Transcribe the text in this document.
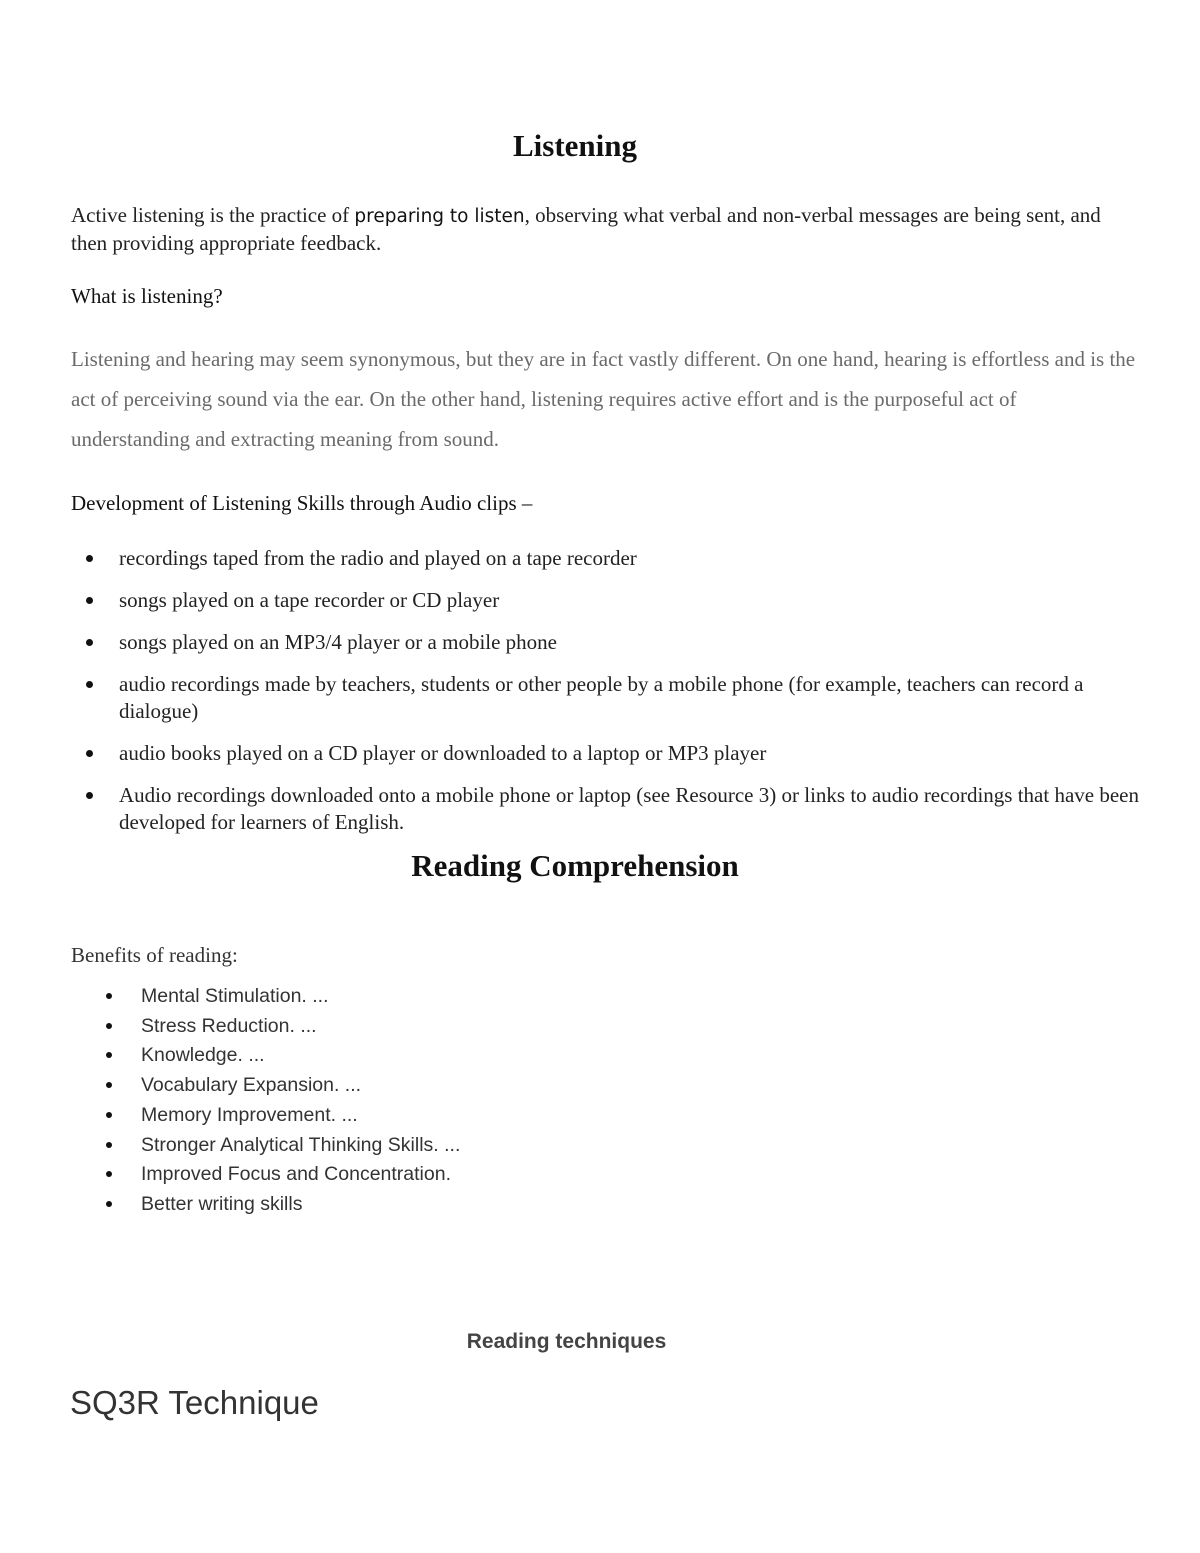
Listening
Active listening is the practice of preparing to listen, observing what verbal and non-verbal messages are being sent, and then providing appropriate feedback.
What is listening?
Listening and hearing may seem synonymous, but they are in fact vastly different. On one hand, hearing is effortless and is the act of perceiving sound via the ear. On the other hand, listening requires active effort and is the purposeful act of understanding and extracting meaning from sound.
Development of Listening Skills through Audio clips –
recordings taped from the radio and played on a tape recorder
songs played on a tape recorder or CD player
songs played on an MP3/4 player or a mobile phone
audio recordings made by teachers, students or other people by a mobile phone (for example, teachers can record a dialogue)
audio books played on a CD player or downloaded to a laptop or MP3 player
Audio recordings downloaded onto a mobile phone or laptop (see Resource 3) or links to audio recordings that have been developed for learners of English.
Reading Comprehension
Benefits of reading:
Mental Stimulation. ...
Stress Reduction. ...
Knowledge. ...
Vocabulary Expansion. ...
Memory Improvement. ...
Stronger Analytical Thinking Skills. ...
Improved Focus and Concentration.
Better writing skills
Reading techniques
SQ3R Technique
